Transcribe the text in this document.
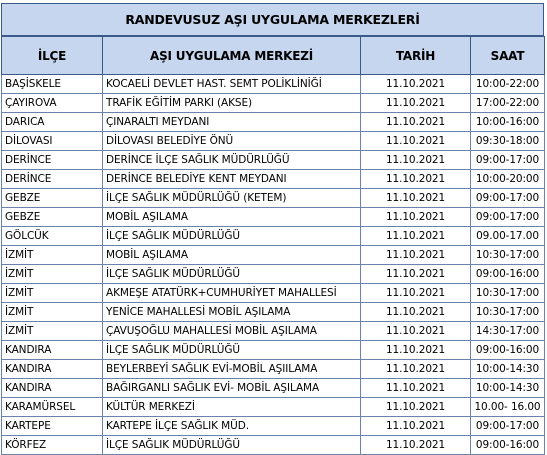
RANDEVUSUZ AŞI UYGULAMA MERKEZLERİ
İLÇE	AŞI UYGULAMA MERKEZİ	TARİH	SAAT
BAŞİSKELE	KOCAELİ DEVLET HAST. SEMT POLİKLİNİĞİ	11.10.2021	10:00-22:00
ÇAYIROVA	TRAFİK EĞİTİM PARKI (AKSE)	11.10.2021	17:00-22:00
DARICA	ÇINARALTI MEYDANI	11.10.2021	10:00-16:00
DİLOVASI	DİLOVASI BELEDİYE ÖNÜ	11.10.2021	09:30-18:00
DERİNCE	DERİNCE İLÇE SAĞLIK MÜDÜRLÜĞÜ	11.10.2021	09:00-17:00
DERİNCE	DERİNCE BELEDİYE KENT MEYDANI	11.10.2021	10:00-20:00
GEBZE	İLÇE SAĞLIK MÜDÜRLÜĞÜ (KETEM)	11.10.2021	09:00-17:00
GEBZE	MOBİL AŞILAMA	11.10.2021	09:00-17:00
GÖLCÜK	İLÇE SAĞLIK MÜDÜRLÜĞÜ	11.10.2021	09.00-17.00
İZMİT	MOBİL AŞILAMA	11.10.2021	10:30-17:00
İZMİT	İLÇE SAĞLIK MÜDÜRLÜĞÜ	11.10.2021	09:00-16:00
İZMİT	AKMEŞE ATATÜRK+CUMHURİYET MAHALLESİ	11.10.2021	10:30-17:00
İZMİT	YENİCE MAHALLESİ MOBİL AŞILAMA	11.10.2021	10:30-17:00
İZMİT	ÇAVUŞOĞLU MAHALLESİ MOBİL AŞILAMA	11.10.2021	14:30-17:00
KANDIRA	İLÇE SAĞLIK MÜDÜRLÜĞÜ	11.10.2021	09:00-16:00
KANDIRA	BEYLERBEYİ SAĞLIK EVİ-MOBİL AŞIILAMA	11.10.2021	10:00-14:30
KANDIRA	BAĞIRGANLI SAĞLIK EVİ- MOBİL AŞILAMA	11.10.2021	10:00-14:30
KARAMÜRSEL	KÜLTÜR MERKEZİ	11.10.2021	10.00- 16.00
KARTEPE	KARTEPE İLÇE SAĞLIK MÜD.	11.10.2021	09:00-17:00
KÖRFEZ	İLÇE SAĞLIK MÜDÜRLÜĞÜ	11.10.2021	09:00-16:00
